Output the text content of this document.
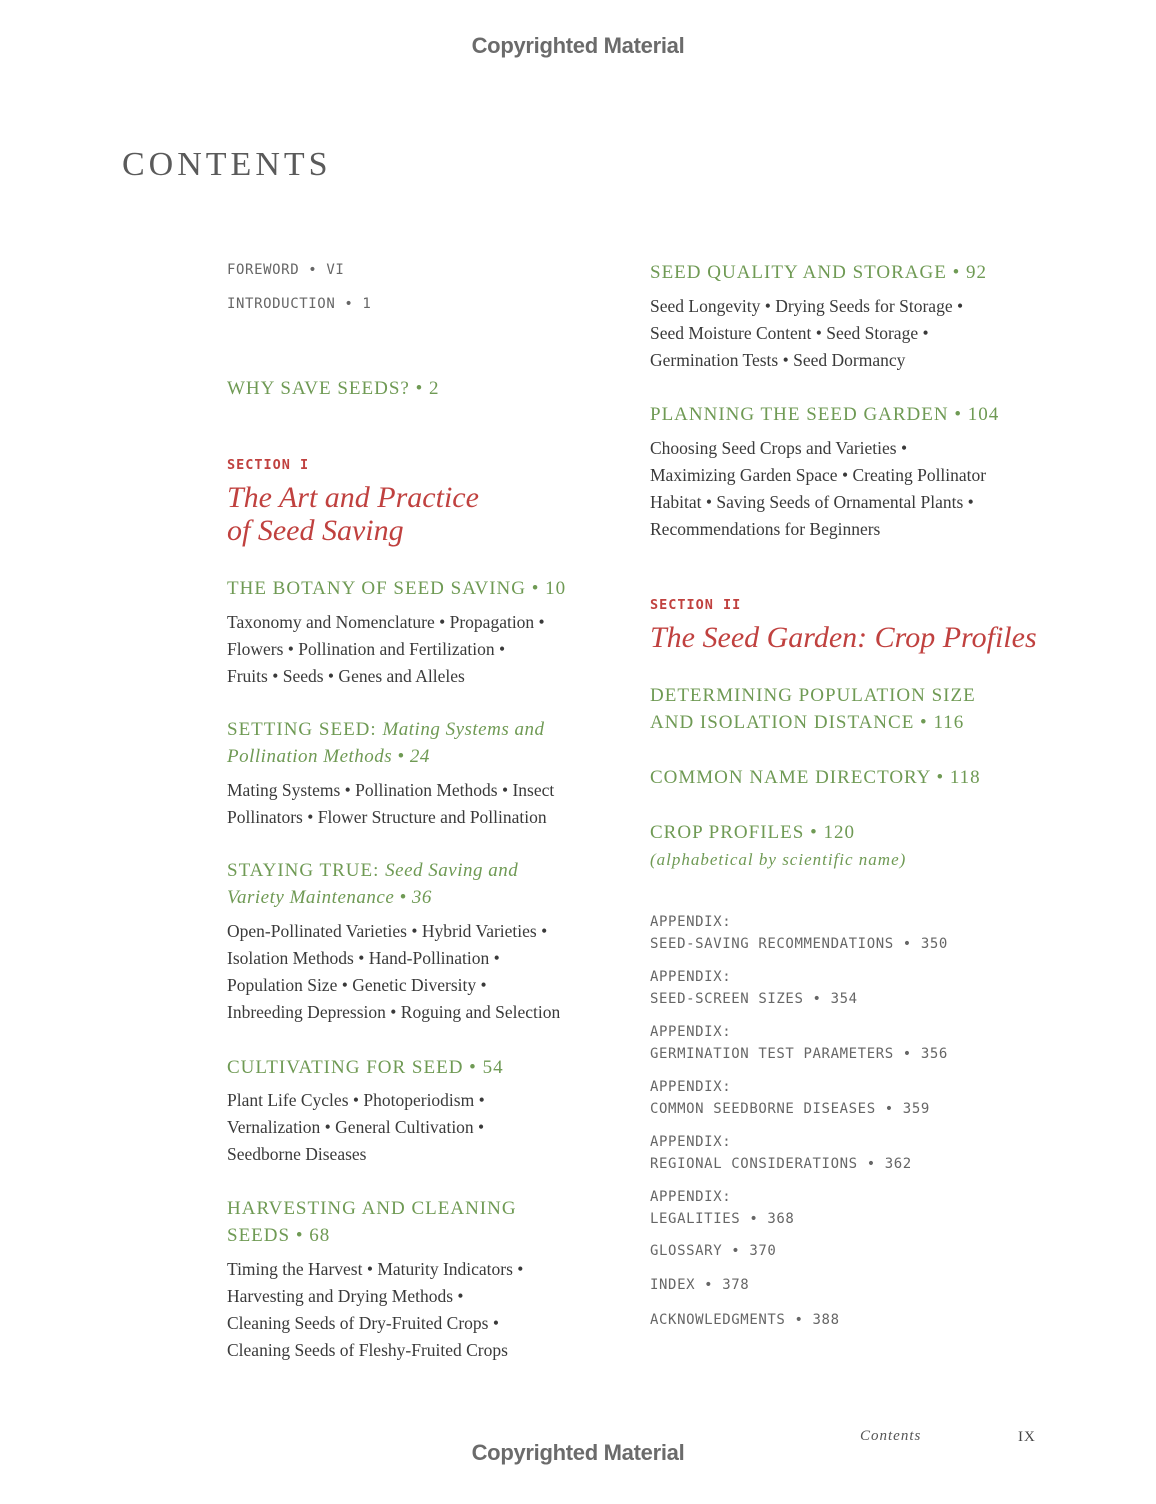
Copyrighted Material
CONTENTS
FOREWORD • VI
INTRODUCTION • 1
WHY SAVE SEEDS? • 2
SECTION I
The Art and Practice
of Seed Saving
THE BOTANY OF SEED SAVING • 10
Taxonomy and Nomenclature • Propagation •
Flowers • Pollination and Fertilization •
Fruits • Seeds • Genes and Alleles
SETTING SEED: Mating Systems and
Pollination Methods • 24
Mating Systems • Pollination Methods • Insect
Pollinators • Flower Structure and Pollination
STAYING TRUE: Seed Saving and
Variety Maintenance • 36
Open-Pollinated Varieties • Hybrid Varieties •
Isolation Methods • Hand-Pollination •
Population Size • Genetic Diversity •
Inbreeding Depression • Roguing and Selection
CULTIVATING FOR SEED • 54
Plant Life Cycles • Photoperiodism •
Vernalization • General Cultivation •
Seedborne Diseases
HARVESTING AND CLEANING
SEEDS • 68
Timing the Harvest • Maturity Indicators •
Harvesting and Drying Methods •
Cleaning Seeds of Dry-Fruited Crops •
Cleaning Seeds of Fleshy-Fruited Crops
SEED QUALITY AND STORAGE • 92
Seed Longevity • Drying Seeds for Storage •
Seed Moisture Content • Seed Storage •
Germination Tests • Seed Dormancy
PLANNING THE SEED GARDEN • 104
Choosing Seed Crops and Varieties •
Maximizing Garden Space • Creating Pollinator
Habitat • Saving Seeds of Ornamental Plants •
Recommendations for Beginners
SECTION II
The Seed Garden: Crop Profiles
DETERMINING POPULATION SIZE
AND ISOLATION DISTANCE • 116
COMMON NAME DIRECTORY • 118
CROP PROFILES • 120
(alphabetical by scientific name)
APPENDIX:
SEED-SAVING RECOMMENDATIONS • 350
APPENDIX:
SEED-SCREEN SIZES • 354
APPENDIX:
GERMINATION TEST PARAMETERS • 356
APPENDIX:
COMMON SEEDBORNE DISEASES • 359
APPENDIX:
REGIONAL CONSIDERATIONS • 362
APPENDIX:
LEGALITIES • 368
GLOSSARY • 370
INDEX • 378
ACKNOWLEDGMENTS • 388
Contents	IX
Copyrighted Material
